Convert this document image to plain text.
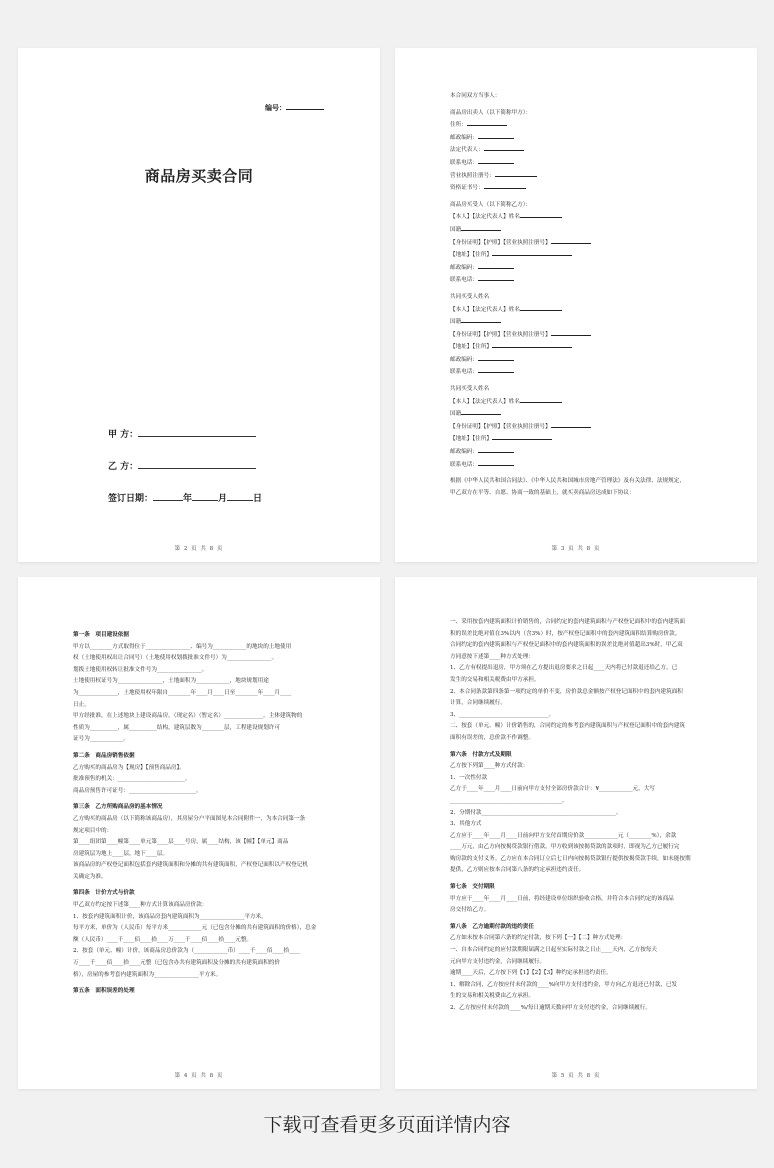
编号：
商品房买卖合同
甲 方：
乙 方：
签订日期：	年	月	日
第 2 页 共 8 页
本合同双方当事人：
商品房出卖人（以下简称甲方）：
住所：
邮政编码：
法定代表人：
联系电话：
营业执照注册号：
资格证书号：
商品房买受人（以下简称乙方）：
【本人】【法定代表人】姓名
国籍
【身份证明】【护照】【营业执照注册号】
【地址】【住所】
邮政编码：
联系电话：
共同买受人姓名
【本人】【法定代表人】姓名
国籍
【身份证明】【护照】【营业执照注册号】
【地址】【住所】
邮政编码：
联系电话：
共同买受人姓名
【本人】【法定代表人】姓名
国籍
【身份证明】【护照】【营业执照注册号】
【地址】【住所】
邮政编码：
联系电话：
根据《中华人民共和国合同法》、《中华人民共和国城市房地产管理法》及有关法律、法规规定，
甲乙双方在平等、自愿、协商一致的基础上，就买卖商品房达成如下协议：
第 3 页 共 8 页
第一条　项目建设依据
甲方以________方式取得位于________________、编号为____________的地块的土地使用
权（土地使用权出让合同号）（土地使用权划拨批准文件号）为________________。
划拨土地使用权转让批准文件号为________________。
土地使用权证号为________________，土地面积为____________，地块规划用途
为______________，土地使用权年限自________年____月____日至________年____月____
日止。
甲方经批准，在上述地块上建设商品房，（现定名）（暂定名）______________。主体建筑物的
性质为__________，属__________结构，建筑层数为________层，工程建设规划许可
证号为____________。
第二条　商品房销售依据
乙方购买的商品房为【现房】【预售商品房】。
批准预售的机关：________________________。
商品房预售许可证号：________________________。
第三条　乙方所购商品房的基本情况
乙方购买的商品房（以下简称该商品房），其房屋分户平面图见本合同附件一，为本合同第一条
规定项目中的：
第____组团第____幢第____单元第____层____号房，属____结构，该【幢】【单元】商品
房建筑层为地上____层，地下____层。
该商品房的产权登记面积包括套内建筑面积和分摊的共有建筑面积，产权登记面积以产权登记机
关确定为准。
第四条　计价方式与价款
甲乙双方约定按下述第____种方式计算该商品房价款：
1、按套内建筑面积计价，该商品房套内建筑面积为________________平方米，
每平方米，单价为（人民币）每平方米____________元（已包含分摊的共有建筑面积的价格），总金
额（人民币）____千____佰____拾____万____千____佰____拾____元整。
2、按套（单元、幢）计价，该商品房总价款为（____________币）____千____佰____拾____
万____千____佰____拾____元整（已包含办共有建筑面积及分摊的共有建筑面积的价
格），房屋的参考套内建筑面积为________________平方米。
第五条　面积误差的处理
第 4 页 共 8 页
一、采用按套内建筑面积计价销售的，合同约定的套内建筑面积与产权登记面积中的套内建筑面
积的误差比绝对值在3%以内（含3%）时，按产权登记面积中的套内建筑面积结算购房价款。
合同约定的套内建筑面积与产权登记面积中的套内建筑面积的误差比绝对值超出3%时，甲乙双
方同意按下述第____种方式处理：
1、乙方有权提出退房，甲方须在乙方提出退房要求之日起____天内将已付款退还给乙方，已
发生的交易和相关税费由甲方承担。
2、本合同条款第四条第一项约定的单价不变，房价款总金额按产权登记面积中的套内建筑面积
计算，合同继续履行。
3、________________________________。
二、按套（单元、幢）计价销售的，合同约定的参考套内建筑面积与产权登记面积中的套内建筑
面积有误差的，总价款不作调整。
第六条　付款方式及期限
乙方按下列第____种方式付款：
1、一次性付款
乙方于____年____月____日前向甲方支付全部房价款合计：¥____________元，大写
________________________________________。
2、分期付款________________________________________________。
3、其他方式
乙方应于____年____月____日前向甲方支付首期房价款____________元（________%），余款
____万元，由乙方向按揭贷款银行借款，甲方收到该按揭贷款的款项时，即视为乙方已履行完
购房款的支付义务。乙方应在本合同订立后七日内向按揭贷款银行提供按揭贷款手续，如未能按期
提供，乙方则应按本合同第八条的约定承担违约责任。
第七条　交付期限
甲方应于____年____月____日前，将经建设单位组织验收合格，并符合本合同约定的该商品
房交付给乙方。
第八条　乙方逾期付款的违约责任
乙方如未按本合同第六条的约定付款，按下列【一】【二】种方式处理：
一、自本合同约定的应付款期限届满之日起至实际付款之日止____天内，乙方按每天
元向甲方支付违约金，合同继续履行。
逾期____天后，乙方按下列【1】【2】【3】种约定承担违约责任。
1、解除合同，乙方按应付未付款的____%向甲方支付违约金，甲方向乙方退还已付款，已发
生的交易和相关税费由乙方承担。
2、乙方按应付未付款的____%/每日逾期天数向甲方支付违约金，合同继续履行。
第 5 页 共 8 页
下载可查看更多页面详情内容
